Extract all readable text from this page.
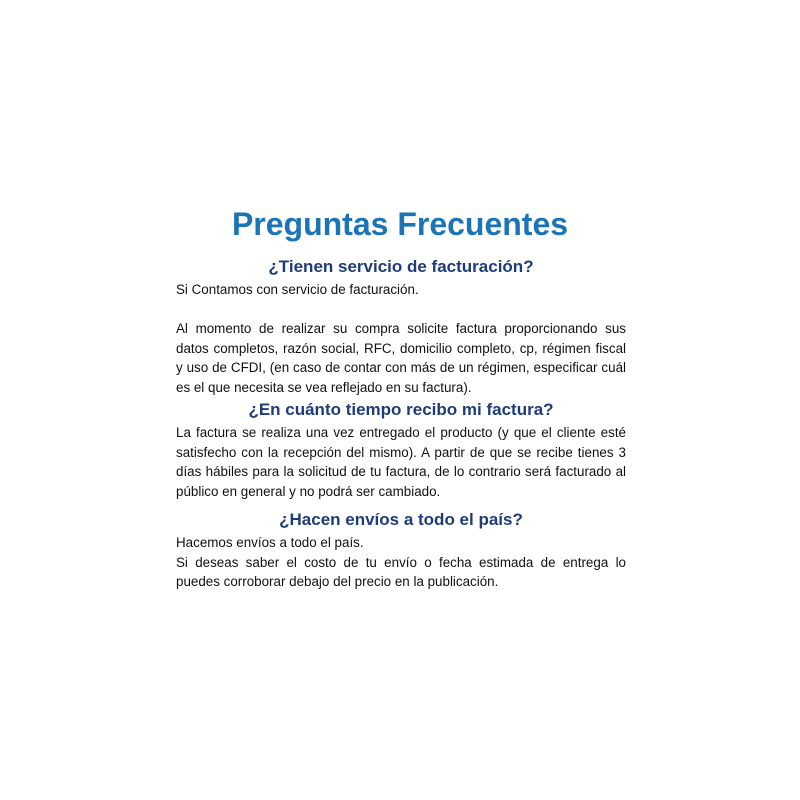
Preguntas Frecuentes
¿Tienen servicio de facturación?

Si Contamos con servicio de facturación.

Al momento de realizar su compra solicite factura proporcionando sus datos completos, razón social, RFC, domicilio completo, cp, régimen fiscal y uso de CFDI, (en caso de contar con más de un régimen, especificar cuál es el que necesita se vea reflejado en su factura).

¿En cuánto tiempo recibo mi factura?

La factura se realiza una vez entregado el producto (y que el cliente esté satisfecho con la recepción del mismo). A partir de que se recibe tienes 3 días hábiles para la solicitud de tu factura, de lo contrario será facturado al público en general y no podrá ser cambiado.

¿Hacen envíos a todo el país?

Hacemos envíos a todo el país.

Si deseas saber el costo de tu envío o fecha estimada de entrega lo puedes corroborar debajo del precio en la publicación.
